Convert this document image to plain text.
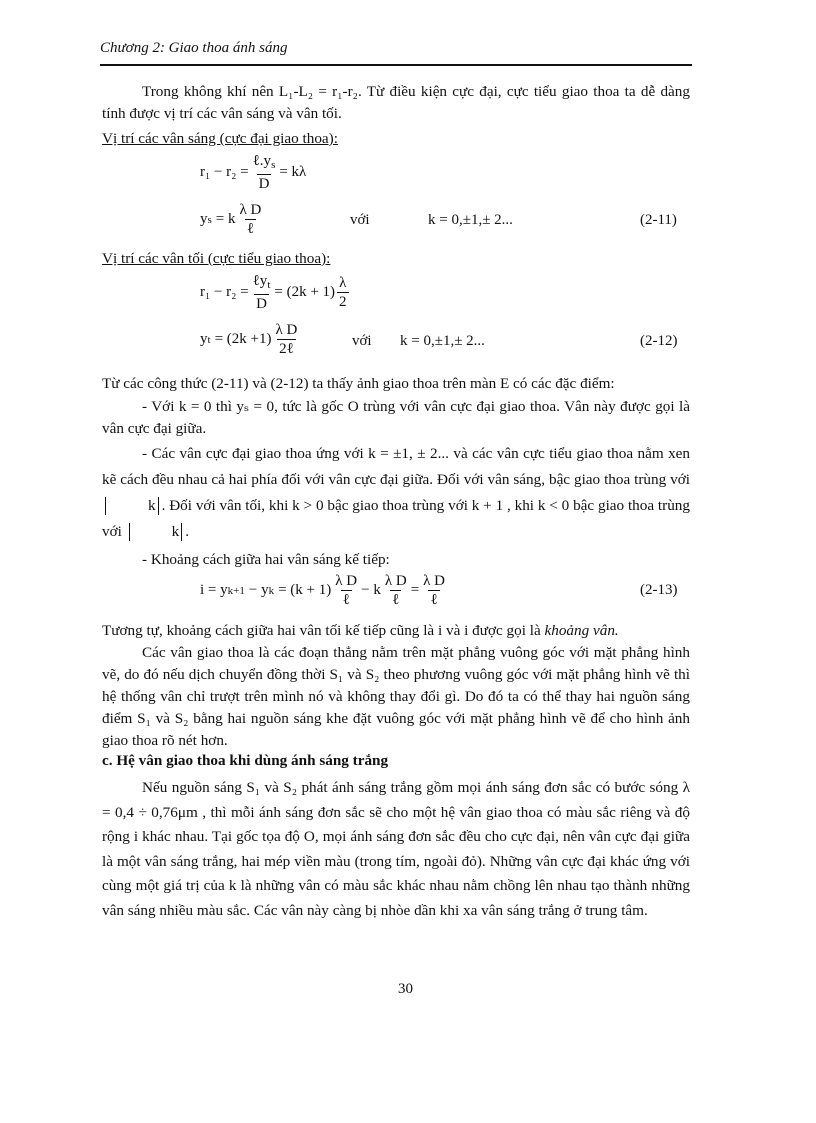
Chương 2: Giao thoa ánh sáng
Trong không khí nên L₁-L₂ = r₁-r₂. Từ điều kiện cực đại, cực tiểu giao thoa ta dễ dàng tính được vị trí các vân sáng và vân tối.
Vị trí các vân sáng (cực đại giao thoa):
$r_1 - r_2 = \frac{\ell.y_s}{D} = k\lambda$
y s = k $\frac{\text{λ D}}{\text{ℓ}}$	với	k = 0,±1,± 2...	(2-11)
Vị trí các vân tối (cực tiểu giao thoa):
$r_1 - r_2 = \frac{\ell y_t}{D} = (2k + 1) \frac{\lambda}{2}$
y $t = (2k +1) \frac{\text{λ D}}{\text{2ℓ}}$	với k = 0,±1,± 2...	(2-12)
Từ các công thức (2-11) và (2-12) ta thấy ảnh giao thoa trên màn E có các đặc điểm:
- Với k = 0 thì yₛ = 0, tức là gốc O trùng với vân cực đại giao thoa. Vân này được gọi là vân cực đại giữa.
- Các vân cực đại giao thoa ứng với k = ±1, ± 2... và các vân cực tiểu giao thoa nằm xen kẽ cách đều nhau cả hai phía đối với vân cực đại giữa. Đối với vân sáng, bậc giao thoa trùng với k . Đối với vân tối, khi k > 0 bậc giao thoa trùng với k + 1 , khi k < 0 bậc giao thoa trùng với	k .
- Khoảng cách giữa hai vân sáng kế tiếp:
i = y k+1 − y $k = (k + 1) \frac{\text{λ D}}{\text{ℓ}} - k \frac{\text{λ D}}{\text{ℓ}} = \frac{\text{λ D}}{\text{ℓ}}$	(2-13)
Tương tự, khoảng cách giữa hai vân tối kế tiếp cũng là i và i được gọi là khoảng vân.
Các vân giao thoa là các đoạn thẳng nằm trên mặt phẳng vuông góc với mặt phẳng hình vẽ, do đó nếu dịch chuyển đồng thời S₁ và S₂ theo phương vuông góc với mặt phẳng hình vẽ thì hệ thống vân chỉ trượt trên mình nó và không thay đổi gì. Do đó ta có thể thay hai nguồn sáng điểm S₁ và S₂ bằng hai nguồn sáng khe đặt vuông góc với mặt phẳng hình vẽ để cho hình ảnh giao thoa rõ nét hơn.
c. Hệ vân giao thoa khi dùng ánh sáng trắng
Nếu nguồn sáng S₁ và S₂ phát ánh sáng trắng gồm mọi ánh sáng đơn sắc có bước sóng λ = 0,4 ÷ 0,76μm , thì mỗi ánh sáng đơn sắc sẽ cho một hệ vân giao thoa có màu sắc riêng và độ rộng i khác nhau. Tại gốc tọa độ O, mọi ánh sáng đơn sắc đều cho cực đại, nên vân cực đại giữa là một vân sáng trắng, hai mép viền màu (trong tím, ngoài đỏ). Những vân cực đại khác ứng với cùng một giá trị của k là những vân có màu sắc khác nhau nằm chồng lên nhau tạo thành những vân sáng nhiều màu sắc. Các vân này càng bị nhòe dần khi xa vân sáng trắng ở trung tâm.
30
